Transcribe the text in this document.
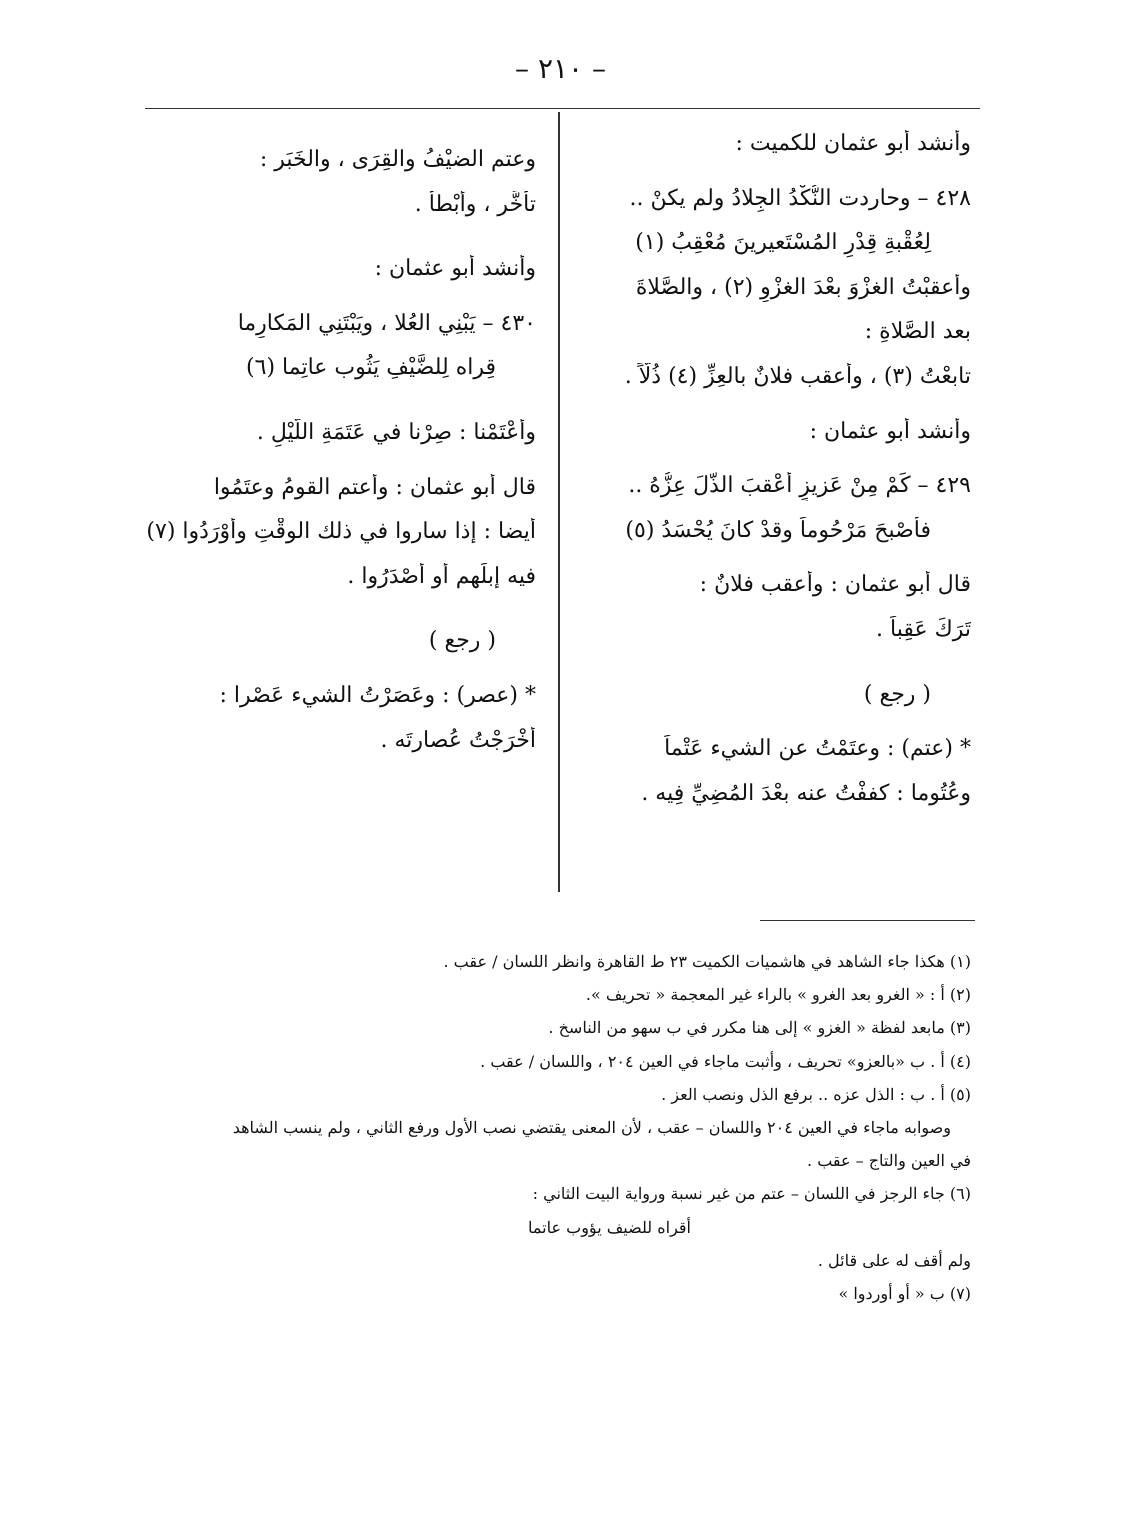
– ٢١٠ –
وأنشد أبو عثمان للكميت :
٤٢٨ – وحاردت النُّكْدُ الجِلادُ ولم يكنْ ..
لِعُقْبةِ قِدْرِ المُسْتَعيرينَ مُعْقِبُ (١)
وأعقبْتُ الغزْوَ بعْدَ الغزْوِ (٢) ، والصَّلاةَ
بعد الصَّلاةِ :
تابعْتُ (٣) ، وأعقب فلانٌ بالعِزِّ (٤) ذُلّاً .
وأنشد أبو عثمان :
٤٢٩ – كَمْ مِنْ عَزيزٍ أعْقبَ الذُّلَ عِزُّهُ ..
فأصْبحَ مَرْحُوماً وقدْ كانَ يُحْسَدُ (٥)
قال أبو عثمان : وأعقب فلانٌ :
تَرَكَ عَقِباً .
( رجع )
* (عتم) : وعتَمْتُ عن الشيء عَتْماً
وعُتُوما : كففْتُ عنه بعْدَ المُضِيِّ فِيه .
وعتم الضيْفُ والقِرَى ، والخَبَر :
تأخَّر ، وأبْطأ .
وأنشد أبو عثمان :
٤٣٠ – يَبْنِي العُلا ، ويَبْتَنِي المَكارِما
قِراه لِلضَّيْفِ يَثُوب عاتِما (٦)
وأعْتَمْنا : صِرْنا في عَتَمَةِ اللَّيْلِ .
قال أبو عثمان : وأعتم القومُ وعتَمُوا
أيضا : إذا ساروا في ذلك الوقْتِ وأوْرَدُوا (٧)
فيه إبلَهم أو أصْدَرُوا .
( رجع )
* (عصر) : وعَصَرْتُ الشيء عَصْرا :
أخْرَجْتُ عُصارتَه .
(١) هكذا جاء الشاهد في هاشميات الكميت ٢٣ ط القاهرة وانظر اللسان / عقب .
(٢) أ : « الغرو بعد الغرو » بالراء غير المعجمة « تحريف ».
(٣) مابعد لفظة « الغزو » إلى هنا مكرر في ب سهو من الناسخ .
(٤) أ . ب «بالعزو» تحريف ، وأثبت ماجاء في العين ٢٠٤ ، واللسان / عقب .
(٥) أ . ب : الذل عزه .. برفع الذل ونصب العز .
وصوابه ماجاء في العين ٢٠٤ واللسان – عقب ، لأن المعنى يقتضي نصب الأول ورفع الثاني ، ولم ينسب الشاهد
في العين والتاج – عقب .
(٦) جاء الرجز في اللسان – عتم من غير نسبة ورواية البيت الثاني :
أقراه للضيف يؤوب عاتما
ولم أقف له على قائل .
(٧) ب « أو أوردوا »
